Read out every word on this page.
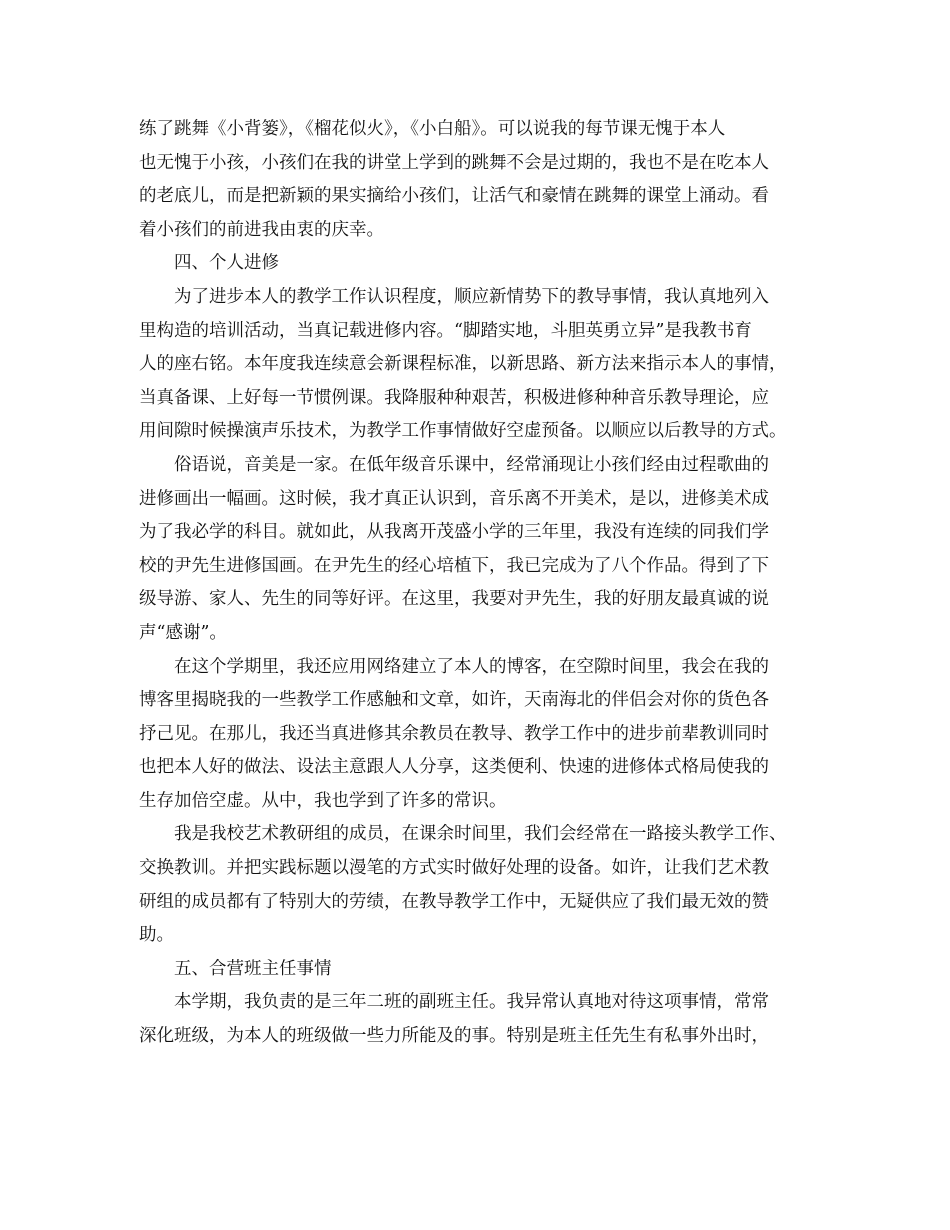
练了跳舞《小背篓》，《榴花似火》，《小白船》。可以说我的每节课无愧于本人
也无愧于小孩，小孩们在我的讲堂上学到的跳舞不会是过期的，我也不是在吃本人
的老底儿，而是把新颖的果实摘给小孩们，让活气和豪情在跳舞的课堂上涌动。看
着小孩们的前进我由衷的庆幸。
四、个人进修
为了进步本人的教学工作认识程度，顺应新情势下的教导事情，我认真地列入
里构造的培训活动，当真记载进修内容。“脚踏实地，斗胆英勇立异”是我教书育
人的座右铭。本年度我连续意会新课程标准，以新思路、新方法来指示本人的事情，
当真备课、上好每一节惯例课。我降服种种艰苦，积极进修种种音乐教导理论，应
用间隙时候操演声乐技术，为教学工作事情做好空虚预备。以顺应以后教导的方式。
俗语说，音美是一家。在低年级音乐课中，经常涌现让小孩们经由过程歌曲的
进修画出一幅画。这时候，我才真正认识到，音乐离不开美术，是以，进修美术成
为了我必学的科目。就如此，从我离开茂盛小学的三年里，我没有连续的同我们学
校的尹先生进修国画。在尹先生的经心培植下，我已完成为了八个作品。得到了下
级导游、家人、先生的同等好评。在这里，我要对尹先生，我的好朋友最真诚的说
声“感谢”。
在这个学期里，我还应用网络建立了本人的博客，在空隙时间里，我会在我的
博客里揭晓我的一些教学工作感触和文章，如许，天南海北的伴侣会对你的货色各
抒己见。在那儿，我还当真进修其余教员在教导、教学工作中的进步前辈教训同时
也把本人好的做法、设法主意跟人人分享，这类便利、快速的进修体式格局使我的
生存加倍空虚。从中，我也学到了许多的常识。
我是我校艺术教研组的成员，在课余时间里，我们会经常在一路接头教学工作、
交换教训。并把实践标题以漫笔的方式实时做好处理的设备。如许，让我们艺术教
研组的成员都有了特别大的劳绩，在教导教学工作中，无疑供应了我们最无效的赞
助。
五、合营班主任事情
本学期，我负责的是三年二班的副班主任。我异常认真地对待这项事情，常常
深化班级，为本人的班级做一些力所能及的事。特别是班主任先生有私事外出时，
